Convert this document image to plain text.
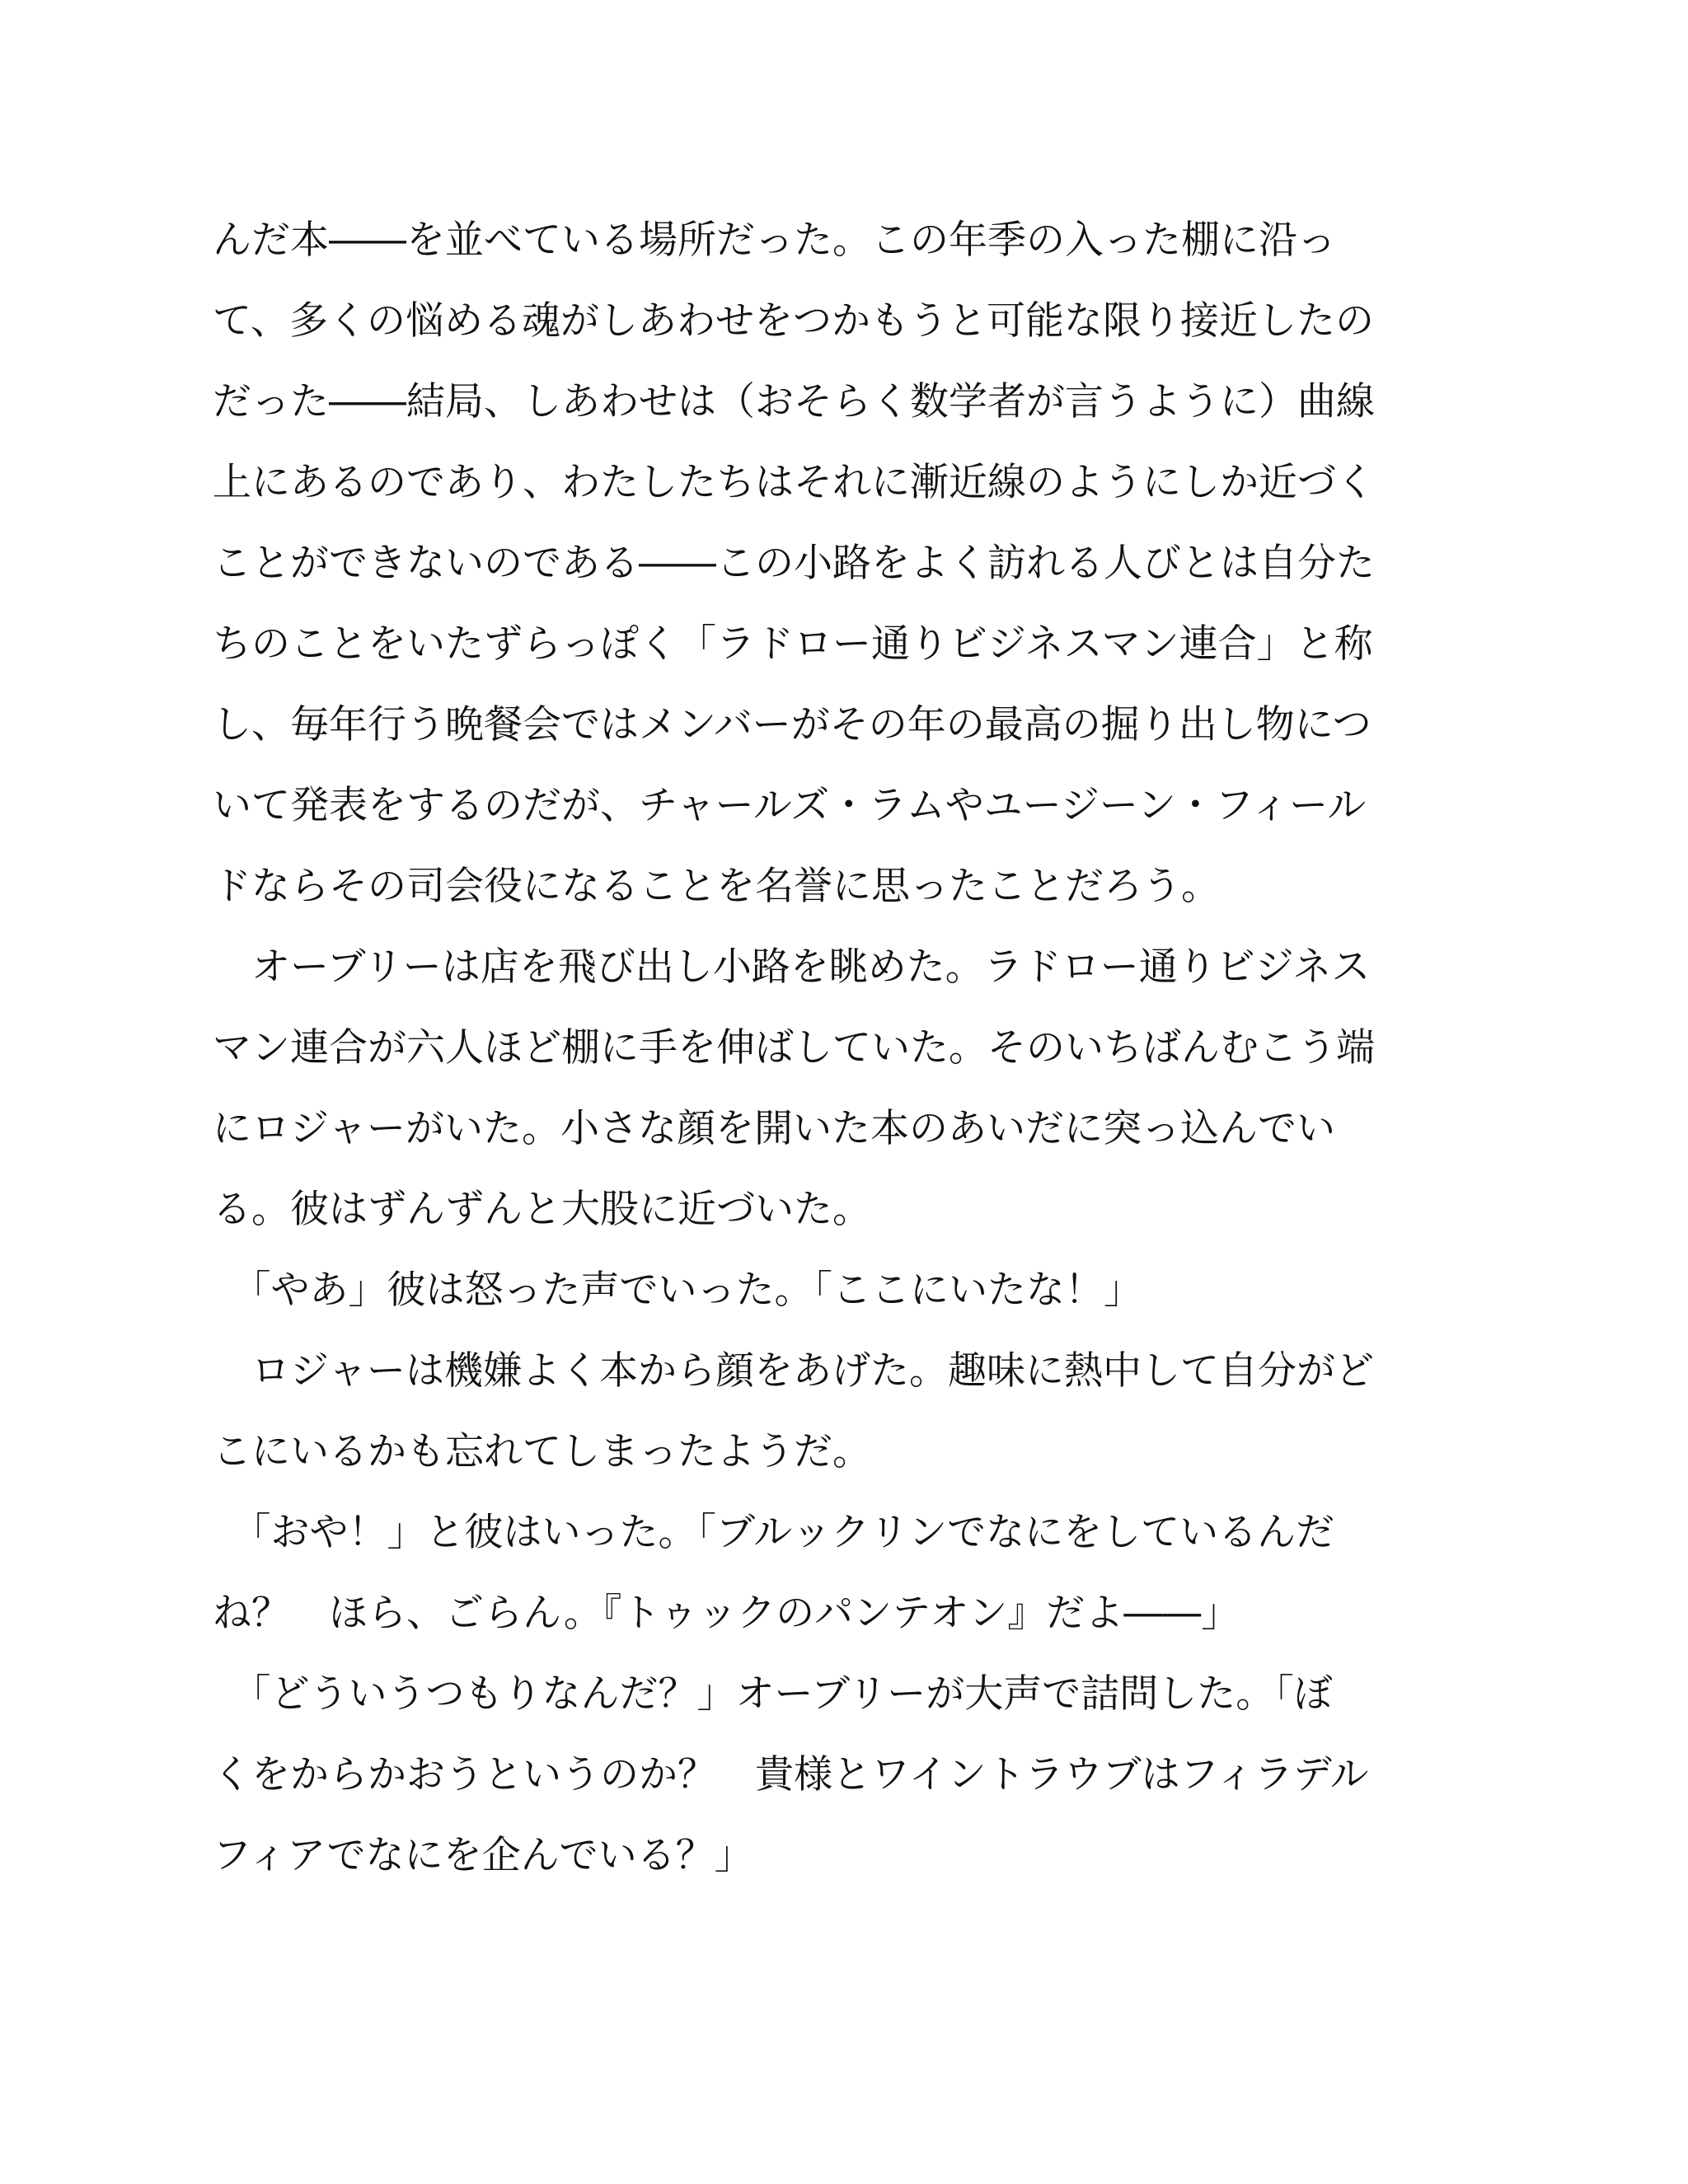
んだ本――を並べている場所だった。この年季の入った棚に沿っ
て、多くの悩める魂がしあわせをつかもうと可能な限り接近したの
だった――結局、しあわせは（おそらく数学者が言うように）曲線
上にあるのであり、わたしたちはそれに漸近線のようにしか近づく
ことができないのである――この小路をよく訪れる人びとは自分た
ちのことをいたずらっぽく「ラドロー通りビジネスマン連合」と称
し、毎年行う晩餐会ではメンバーがその年の最高の掘り出し物につ
いて発表をするのだが、チャールズ・ラムやユージーン・フィール
ドならその司会役になることを名誉に思ったことだろう。
　オーブリーは店を飛び出し小路を眺めた。ラドロー通りビジネス
マン連合が六人ほど棚に手を伸ばしていた。そのいちばんむこう端
にロジャーがいた。小さな顔を開いた本のあいだに突っ込んでい
る。彼はずんずんと大股に近づいた。
　「やあ」彼は怒った声でいった。「ここにいたな！」
　ロジャーは機嫌よく本から顔をあげた。趣味に熱中して自分がど
こにいるかも忘れてしまったようだ。
　「おや！」と彼はいった。「ブルックリンでなにをしているんだ
ね？　ほら、ごらん。『トゥックのパンテオン』だよ――」
　「どういうつもりなんだ？」オーブリーが大声で詰問した。「ぼ
くをからかおうというのか？　貴様とワイントラウブはフィラデル
フィアでなにを企んでいる？」
